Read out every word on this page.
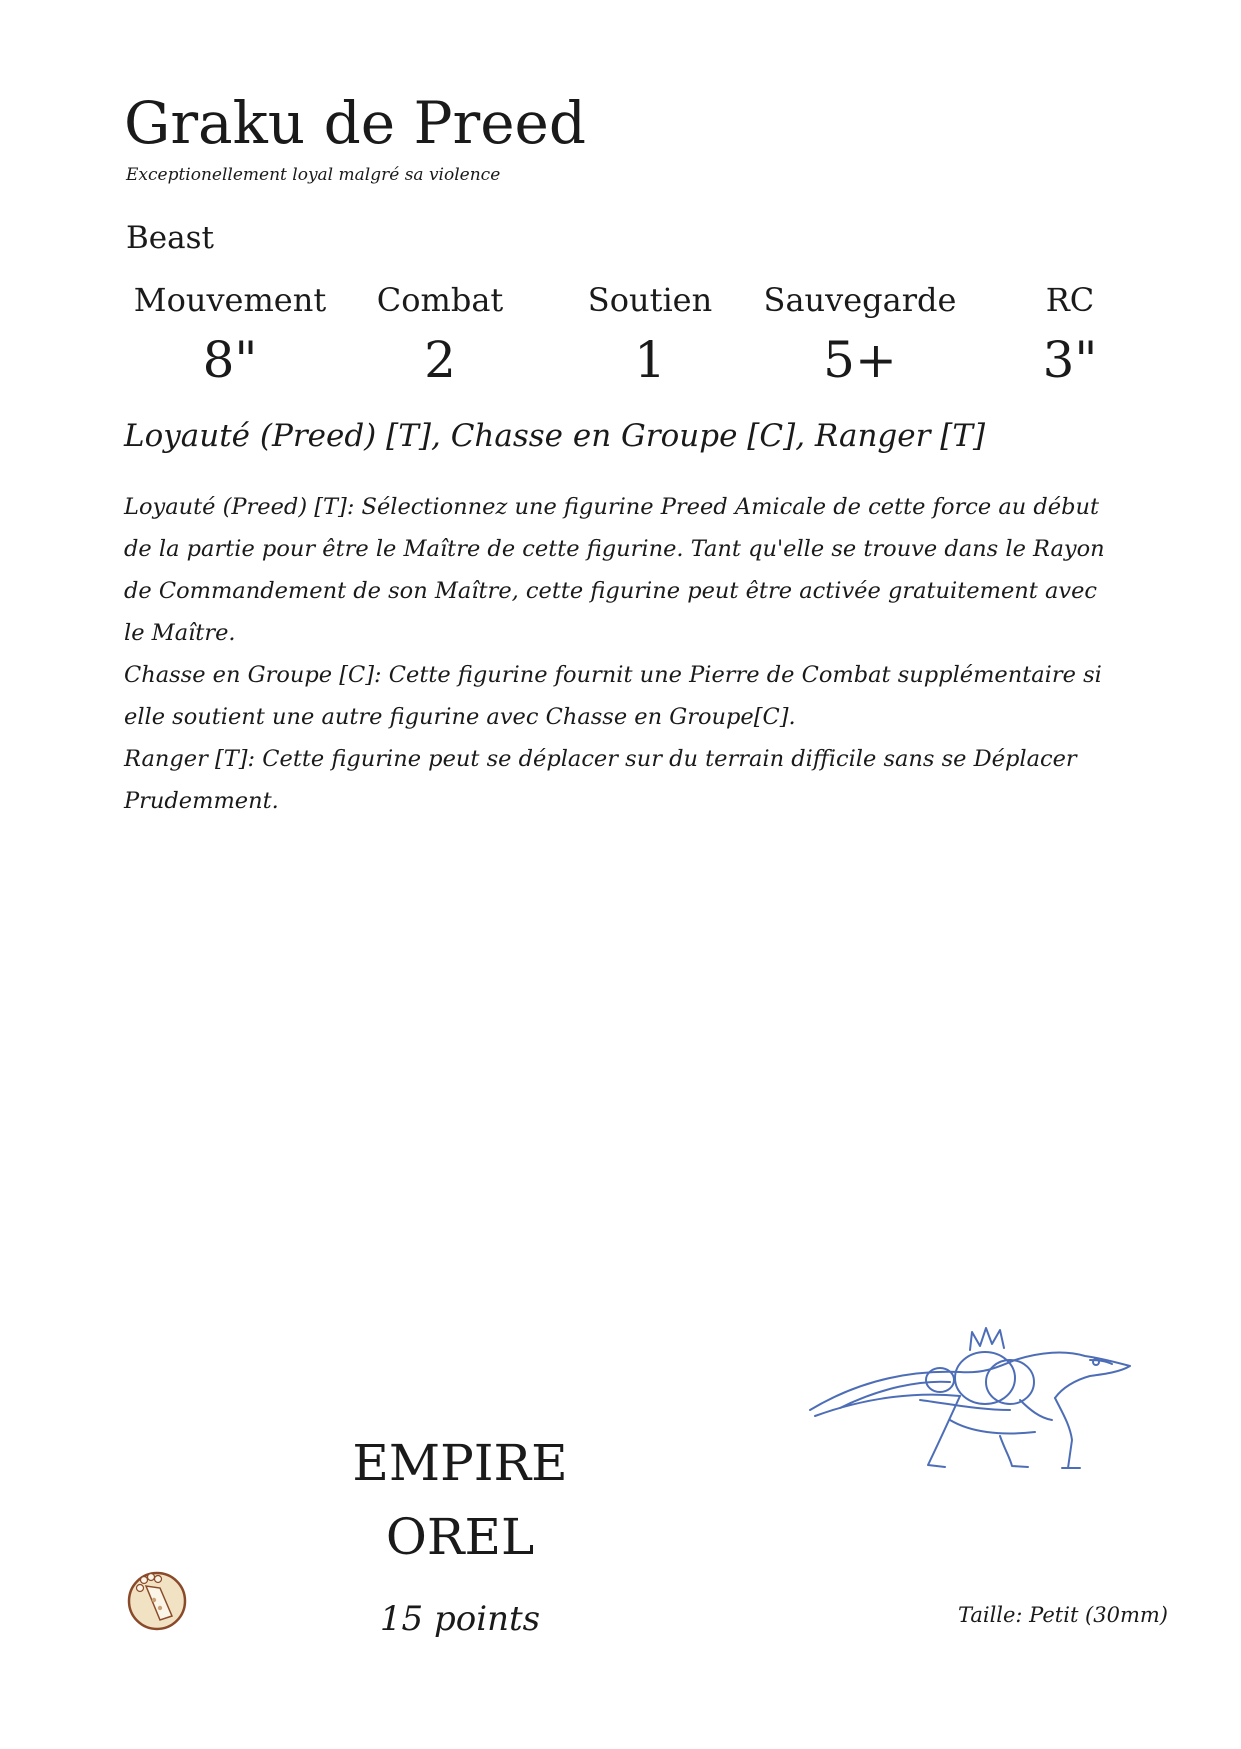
Graku de Preed
Exceptionellement loyal malgré sa violence
Beast
Mouvement
8"
Combat
2
Soutien
1
Sauvegarde
5+
RC
3"
Loyauté (Preed) [T], Chasse en Groupe [C], Ranger [T]

Loyauté (Preed) [T]: Sélectionnez une figurine Preed Amicale de cette force au début de la partie pour être le Maître de cette figurine. Tant qu'elle se trouve dans le Rayon de Commandement de son Maître, cette figurine peut être activée gratuitement avec le Maître.

Chasse en Groupe [C]: Cette figurine fournit une Pierre de Combat supplémentaire si elle soutient une autre figurine avec Chasse en Groupe[C].

Ranger [T]: Cette figurine peut se déplacer sur du terrain difficile sans se Déplacer Prudemment.

EMPIRE
OREL
15 points	Taille: Petit (30mm)
